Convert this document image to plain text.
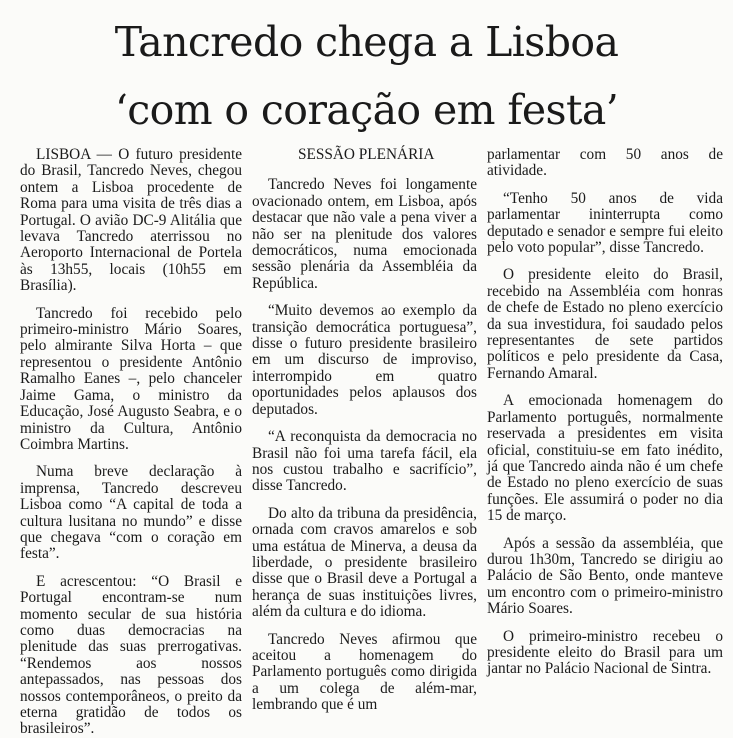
Tancredo chega a Lisboa
‘com o coração em festa’

LISBOA — O futuro presidente do Brasil, Tancredo Neves, chegou ontem a Lisboa procedente de Roma para uma visita de três dias a Portugal. O avião DC-9 Alitália que levava Tancredo aterrissou no Aeroporto Internacional de Portela às 13h55, locais (10h55 em Brasília).

Tancredo foi recebido pelo primeiro-ministro Mário Soares, pelo almirante Silva Horta – que representou o presidente Antônio Ramalho Eanes –, pelo chanceler Jaime Gama, o ministro da Educação, José Augusto Seabra, e o ministro da Cultura, Antônio Coimbra Martins.

Numa breve declaração à imprensa, Tancredo descreveu Lisboa como “A capital de toda a cultura lusitana no mundo” e disse que chegava “com o coração em festa”.

E acrescentou: “O Brasil e Portugal encontram-se num momento secular de sua história como duas democracias na plenitude das suas prerrogativas. “Rendemos aos nossos antepassados, nas pessoas dos nossos contemporâneos, o preito da eterna gratidão de todos os brasileiros”.

SESSÃO PLENÁRIA

Tancredo Neves foi longamente ovacionado ontem, em Lisboa, após destacar que não vale a pena viver a não ser na plenitude dos valores democráticos, numa emocionada sessão plenária da Assembléia da República.

“Muito devemos ao exemplo da transição democrática portuguesa”, disse o futuro presidente brasileiro em um discurso de improviso, interrompido em quatro oportunidades pelos aplausos dos deputados.

“A reconquista da democracia no Brasil não foi uma tarefa fácil, ela nos custou trabalho e sacrifício”, disse Tancredo.

Do alto da tribuna da presidência, ornada com cravos amarelos e sob uma estátua de Minerva, a deusa da liberdade, o presidente brasileiro disse que o Brasil deve a Portugal a herança de suas instituições livres, além da cultura e do idioma.

Tancredo Neves afirmou que aceitou a homenagem do Parlamento português como dirigida a um colega de além-mar, lembrando que é um

parlamentar com 50 anos de atividade.

“Tenho 50 anos de vida parlamentar ininterrupta como deputado e senador e sempre fui eleito pelo voto popular”, disse Tancredo.

O presidente eleito do Brasil, recebido na Assembléia com honras de chefe de Estado no pleno exercício da sua investidura, foi saudado pelos representantes de sete partidos políticos e pelo presidente da Casa, Fernando Amaral.

A emocionada homenagem do Parlamento português, normalmente reservada a presidentes em visita oficial, constituiu-se em fato inédito, já que Tancredo ainda não é um chefe de Estado no pleno exercício de suas funções. Ele assumirá o poder no dia 15 de março.

Após a sessão da assembléia, que durou 1h30m, Tancredo se dirigiu ao Palácio de São Bento, onde manteve um encontro com o primeiro-ministro Mário Soares.

O primeiro-ministro recebeu o presidente eleito do Brasil para um jantar no Palácio Nacional de Sintra.
